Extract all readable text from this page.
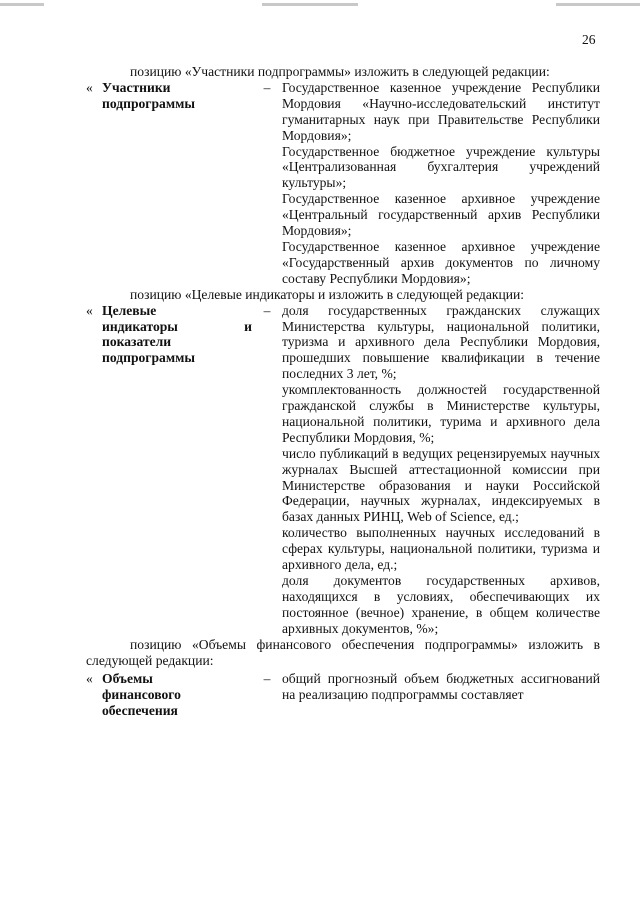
26

позицию «Участники подпрограммы» изложить в следующей редакции:

« Участники
подпрограммы
– Государственное казенное учреждение Республики Мордовия «Научно-исследовательский институт гуманитарных наук при Правительстве Республики Мордовия»;

Государственное бюджетное учреждение культуры «Централизованная бухгалтерия учреждений культуры»;

Государственное казенное архивное учреждение «Центральный государственный архив Республики Мордовия»;

Государственное казенное архивное учреждение «Государственный архив документов по личному составу Республики Мордовия»;

позицию «Целевые индикаторы и изложить в следующей редакции:

« Целевые
индикаторы и
показатели
подпрограммы
– доля государственных гражданских служащих Министерства культуры, национальной политики, туризма и архивного дела Республики Мордовия, прошедших повышение квалификации в течение последних 3 лет, %;

укомплектованность должностей государственной гражданской службы в Министерстве культуры, национальной политики, турима и архивного дела Республики Мордовия, %;

число публикаций в ведущих рецензируемых научных журналах Высшей аттестационной комиссии при Министерстве образования и науки Российской Федерации, научных журналах, индексируемых в базах данных РИНЦ, Web of Science, ед.;

количество выполненных научных исследований в сферах культуры, национальной политики, туризма и архивного дела, ед.;

доля документов государственных архивов, находящихся в условиях, обеспечивающих их постоянное (вечное) хранение, в общем количестве архивных документов, %»;

позицию «Объемы финансового обеспечения подпрограммы» изложить в следующей редакции:

« Объемы
финансового
обеспечения
– общий прогнозный объем бюджетных ассигнований на реализацию подпрограммы составляет
